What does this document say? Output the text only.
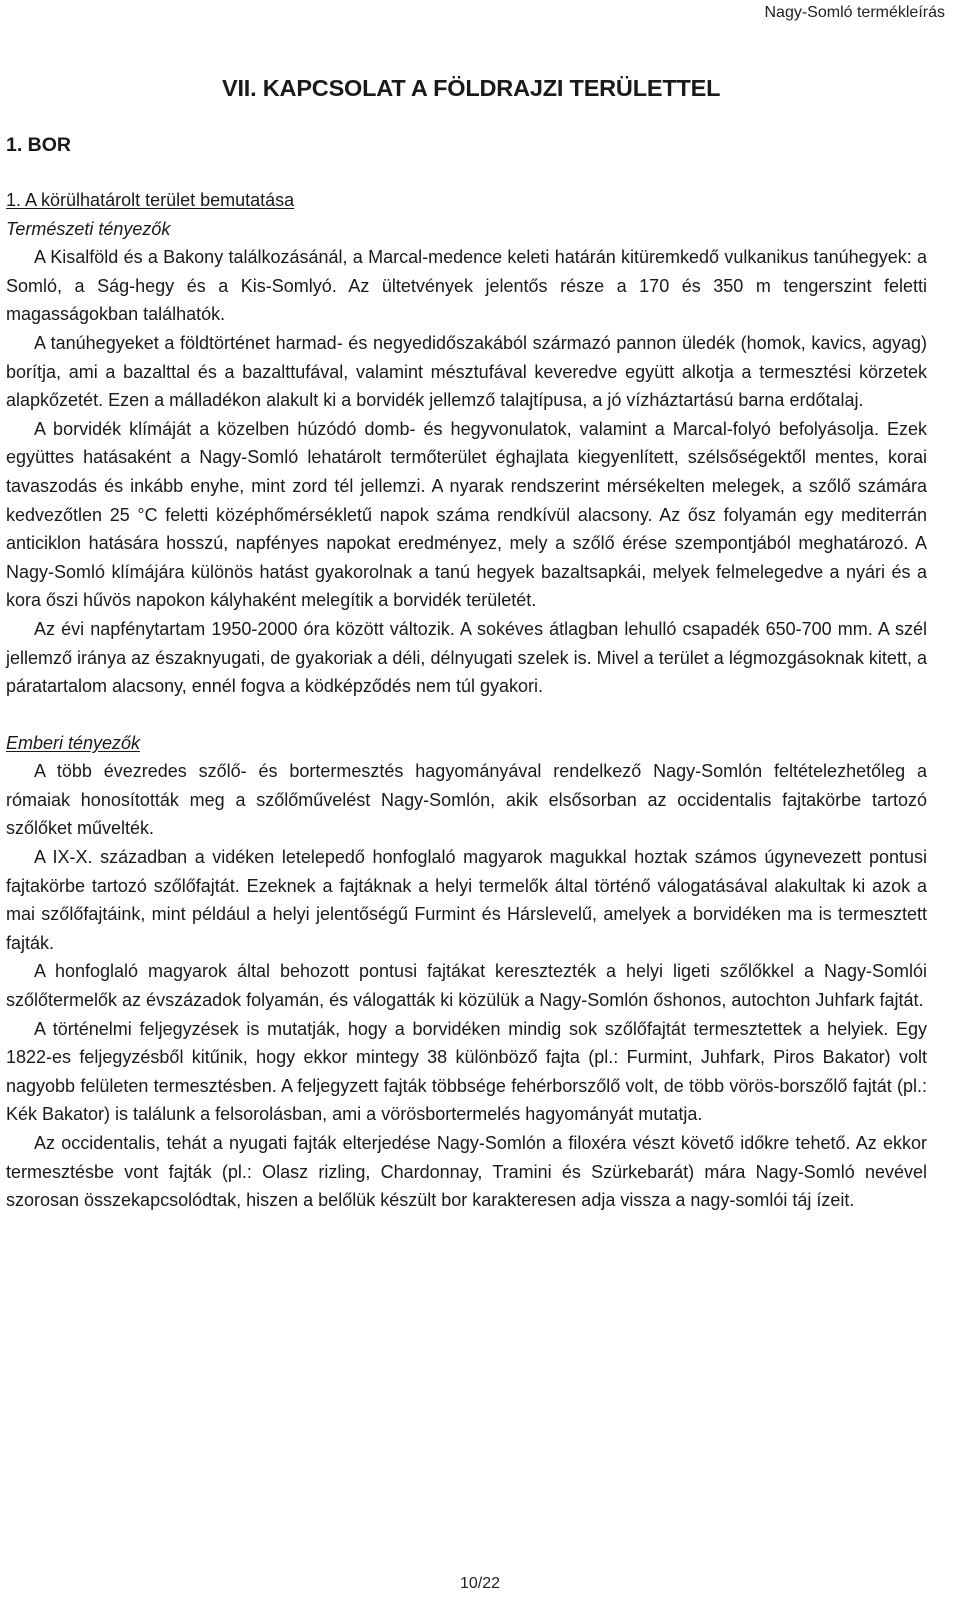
Nagy-Somló termékleírás
VII. KAPCSOLAT A FÖLDRAJZI TERÜLETTEL
1. BOR

1. A körülhatárolt terület bemutatása

Természeti tényezők

A Kisalföld és a Bakony találkozásánál, a Marcal-medence keleti határán kitüremkedő vulkanikus tanúhegyek: a Somló, a Ság-hegy és a Kis-Somlyó. Az ültetvények jelentős része a 170 és 350 m tengerszint feletti magasságokban találhatók.

A tanúhegyeket a földtörténet harmad- és negyedidőszakából származó pannon üledék (homok, kavics, agyag) borítja, ami a bazalttal és a bazalttufával, valamint mésztufával keveredve együtt alkotja a termesztési körzetek alapkőzetét. Ezen a málladékon alakult ki a borvidék jellemző talajtípusa, a jó vízháztartású barna erdőtalaj.

A borvidék klímáját a közelben húzódó domb- és hegyvonulatok, valamint a Marcal-folyó befolyásolja. Ezek együttes hatásaként a Nagy-Somló lehatárolt termőterület éghajlata kiegyenlített, szélsőségektől mentes, korai tavaszodás és inkább enyhe, mint zord tél jellemzi. A nyarak rendszerint mérsékelten melegek, a szőlő számára kedvezőtlen 25 °C feletti középhőmérsékletű napok száma rendkívül alacsony. Az ősz folyamán egy mediterrán anticiklon hatására hosszú, napfényes napokat eredményez, mely a szőlő érése szempontjából meghatározó. A Nagy-Somló klímájára különös hatást gyakorolnak a tanú hegyek bazaltsapkái, melyek felmelegedve a nyári és a kora őszi hűvös napokon kályhaként melegítik a borvidék területét.

Az évi napfénytartam 1950-2000 óra között változik. A sokéves átlagban lehulló csapadék 650-700 mm. A szél jellemző iránya az északnyugati, de gyakoriak a déli, délnyugati szelek is. Mivel a terület a légmozgásoknak kitett, a páratartalom alacsony, ennél fogva a ködképződés nem túl gyakori.

Emberi tényezők

A több évezredes szőlő- és bortermesztés hagyományával rendelkező Nagy-Somlón feltételezhetőleg a rómaiak honosították meg a szőlőművelést Nagy-Somlón, akik elsősorban az occidentalis fajtakörbe tartozó szőlőket művelték.

A IX-X. században a vidéken letelepedő honfoglaló magyarok magukkal hoztak számos úgynevezett pontusi fajtakörbe tartozó szőlőfajtát. Ezeknek a fajtáknak a helyi termelők által történő válogatásával alakultak ki azok a mai szőlőfajtáink, mint például a helyi jelentőségű Furmint és Hárslevelű, amelyek a borvidéken ma is termesztett fajták.

A honfoglaló magyarok által behozott pontusi fajtákat keresztezték a helyi ligeti szőlőkkel a Nagy-Somlói szőlőtermelők az évszázadok folyamán, és válogatták ki közülük a Nagy-Somlón őshonos, autochton Juhfark fajtát.

A történelmi feljegyzések is mutatják, hogy a borvidéken mindig sok szőlőfajtát termesztettek a helyiek. Egy 1822-es feljegyzésből kitűnik, hogy ekkor mintegy 38 különböző fajta (pl.: Furmint, Juhfark, Piros Bakator) volt nagyobb felületen termesztésben. A feljegyzett fajták többsége fehérborszőlő volt, de több vörös-borszőlő fajtát (pl.: Kék Bakator) is találunk a felsorolásban, ami a vörösbortermelés hagyományát mutatja.

Az occidentalis, tehát a nyugati fajták elterjedése Nagy-Somlón a filoxéra vészt követő időkre tehető. Az ekkor termesztésbe vont fajták (pl.: Olasz rizling, Chardonnay, Tramini és Szürkebarát) mára Nagy-Somló nevével szorosan összekapcsolódtak, hiszen a belőlük készült bor karakteresen adja vissza a nagy-somlói táj ízeit.

10/22
